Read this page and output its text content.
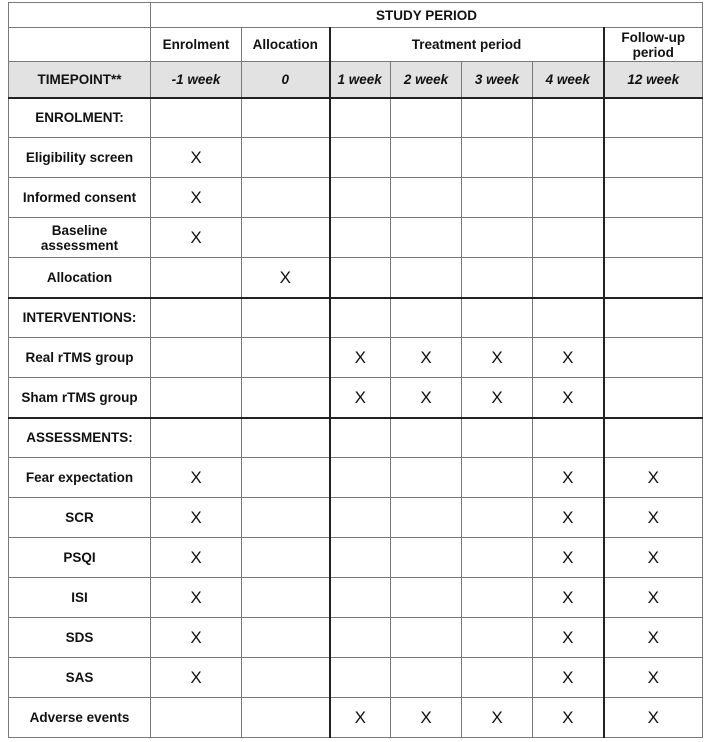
	STUDY PERIOD						
	Enrolment	Allocation	Treatment period				Follow-up period
TIMEPOINT**	-1 week	0	1 week	2 week	3 week	4 week	12 week
ENROLMENT:							
Eligibility screen	X						
Informed consent	X						
Baseline assessment	X						
Allocation		X					
INTERVENTIONS:							
Real rTMS group			X	X	X	X	
Sham rTMS group			X	X	X	X	
ASSESSMENTS:							
Fear expectation	X					X	X
SCR	X					X	X
PSQI	X					X	X
ISI	X					X	X
SDS	X					X	X
SAS	X					X	X
Adverse events			X	X	X	X	X
